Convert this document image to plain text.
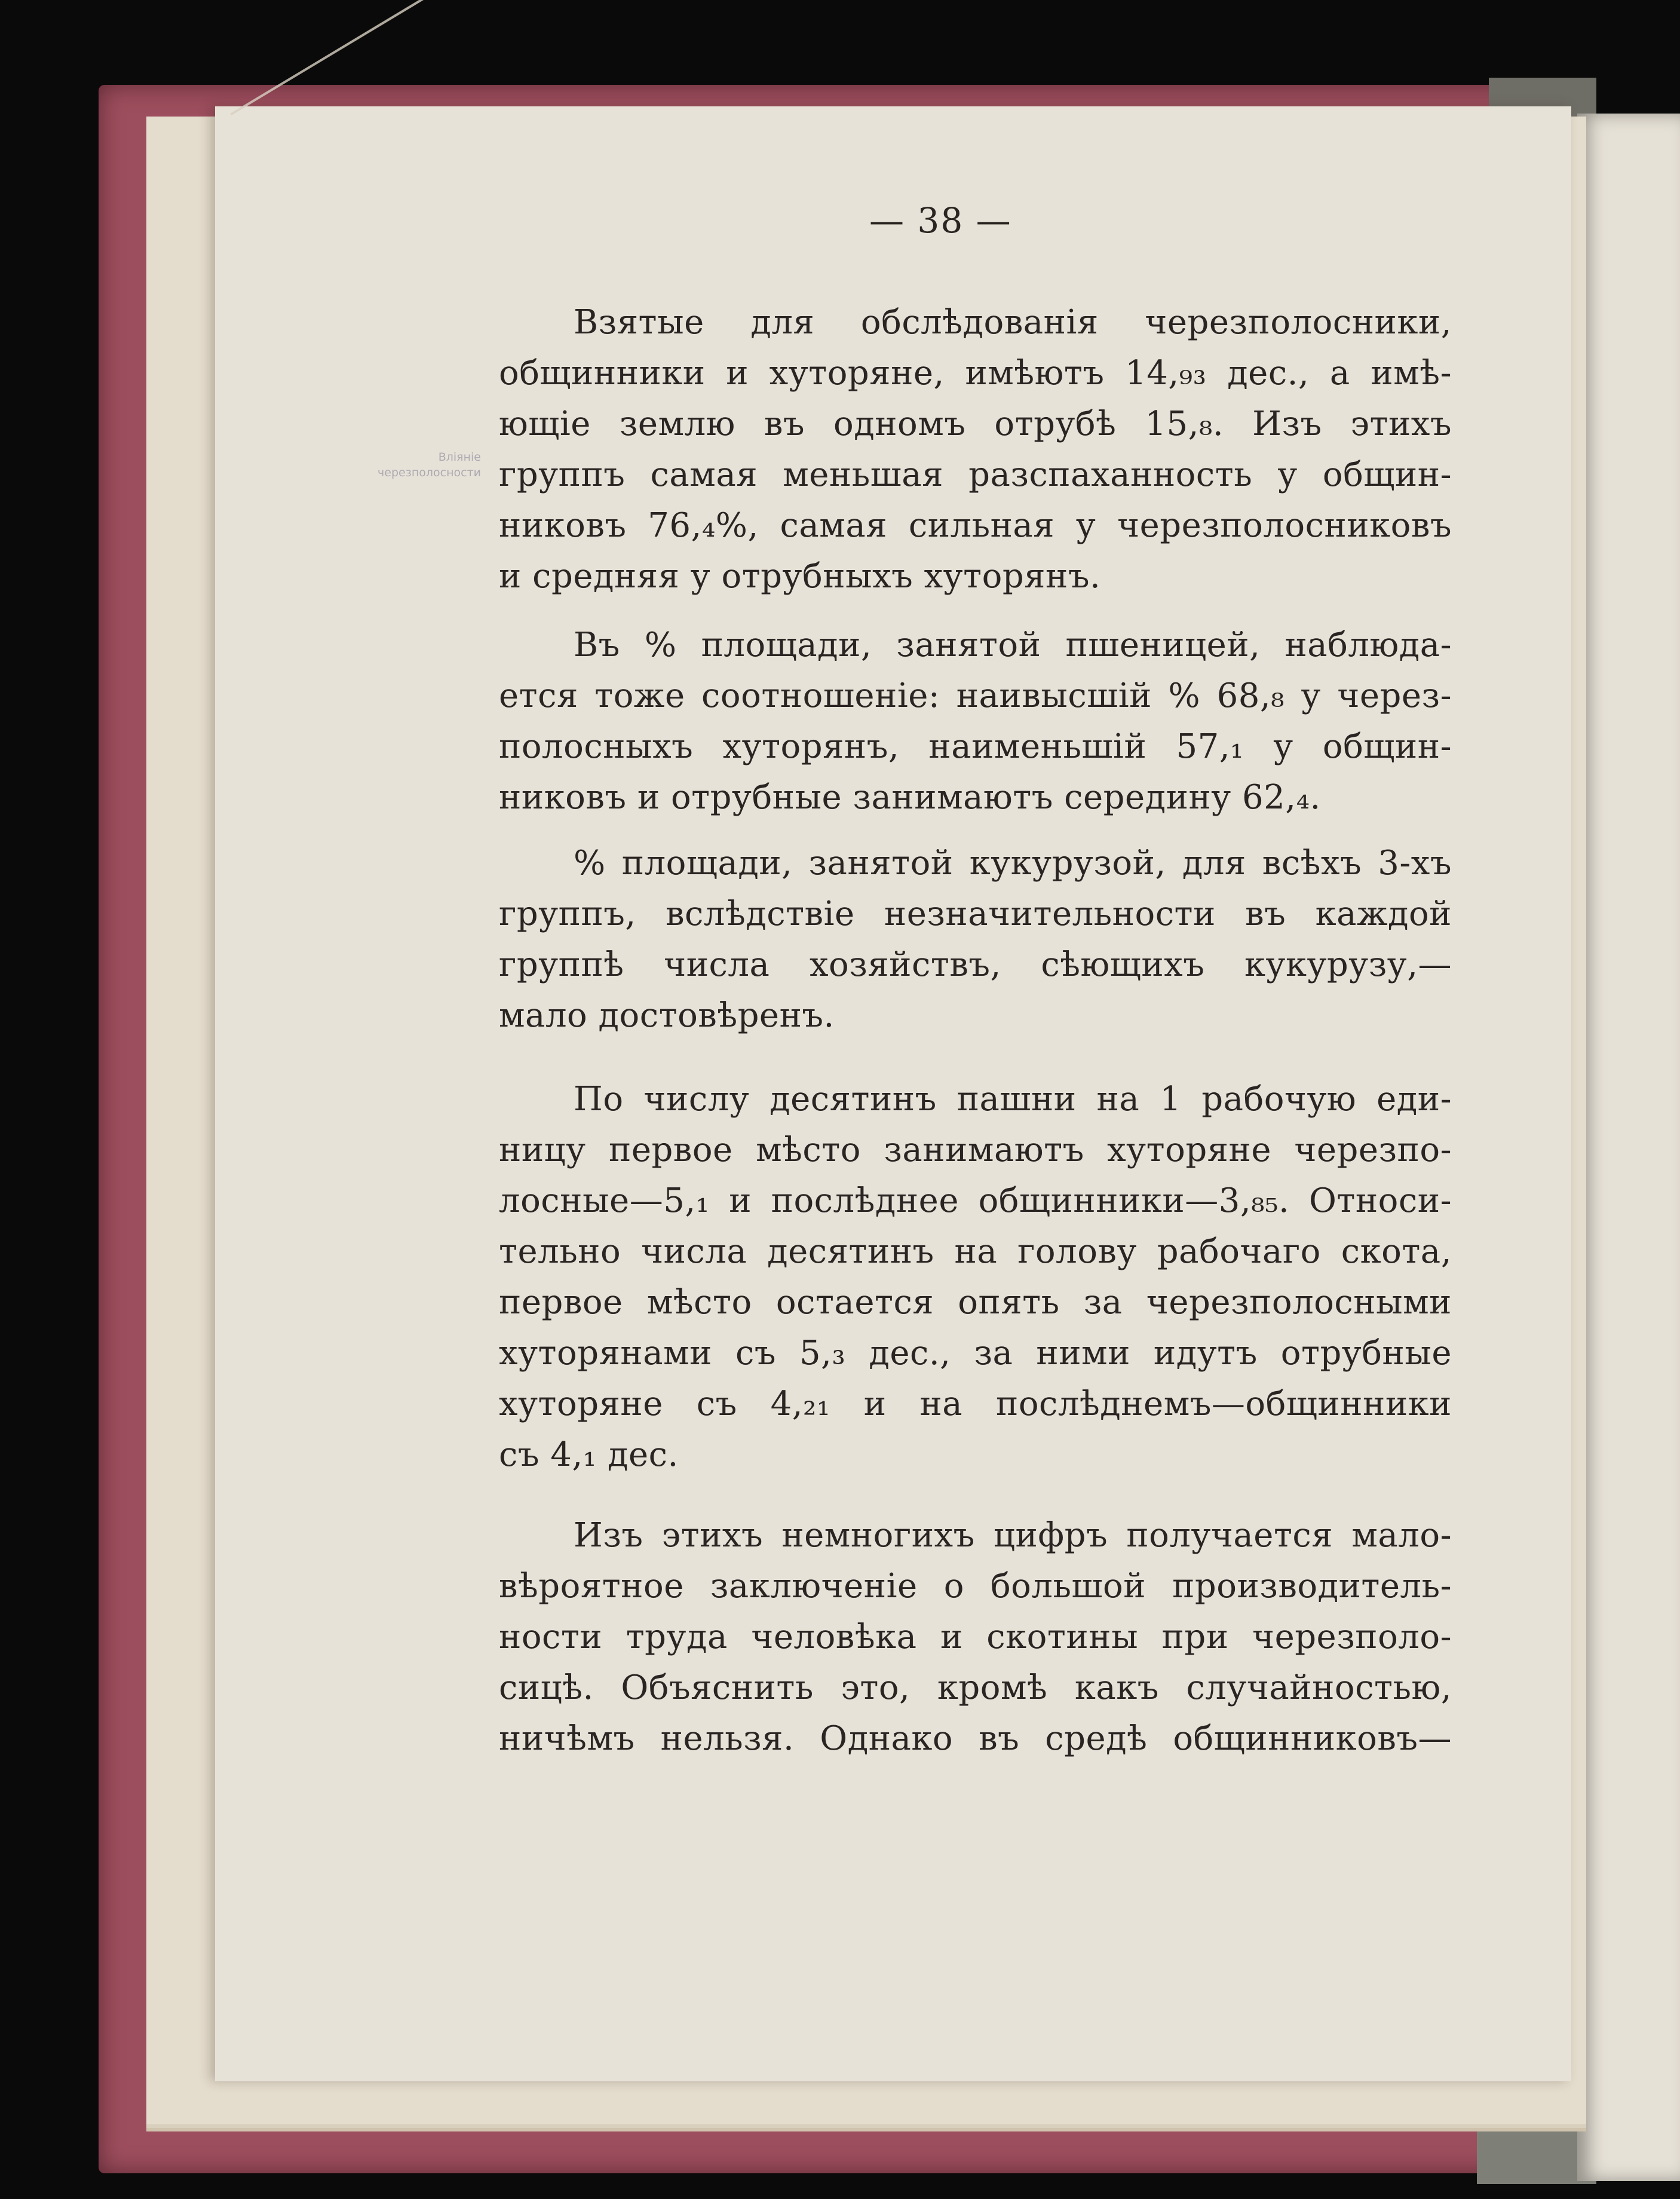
— 38 —
Вліяніе черезполосности
Взятые для обслѣдованія черезполосники,
общинники и хуторяне, имѣютъ 14,₉₃ дес., а имѣ-
ющіе землю въ одномъ отрубѣ 15,₈. Изъ этихъ
группъ самая меньшая разспаханность у общин-
никовъ 76,₄%, самая сильная у черезполосниковъ
и средняя у отрубныхъ хуторянъ.
Въ % площади, занятой пшеницей, наблюда-
ется тоже соотношеніе: наивысшій % 68,₈ у через-
полосныхъ хуторянъ, наименьшій 57,₁ у общин-
никовъ и отрубные занимаютъ середину 62,₄.
% площади, занятой кукурузой, для всѣхъ 3-хъ
группъ, вслѣдствіе незначительности въ каждой
группѣ числа хозяйствъ, сѣющихъ кукурузу,—
мало достовѣренъ.
По числу десятинъ пашни на 1 рабочую еди-
ницу первое мѣсто занимаютъ хуторяне черезпо-
лосные—5,₁ и послѣднее общинники—3,₈₅. Относи-
тельно числа десятинъ на голову рабочаго скота,
первое мѣсто остается опять за черезполосными
хуторянами съ 5,₃ дес., за ними идутъ отрубные
хуторяне съ 4,₂₁ и на послѣднемъ—общинники
съ 4,₁ дес.
Изъ этихъ немногихъ цифръ получается мало-
вѣроятное заключеніе о большой производитель-
ности труда человѣка и скотины при черезполо-
сицѣ. Объяснить это, кромѣ какъ случайностью,
ничѣмъ нельзя. Однако въ средѣ общинниковъ—
